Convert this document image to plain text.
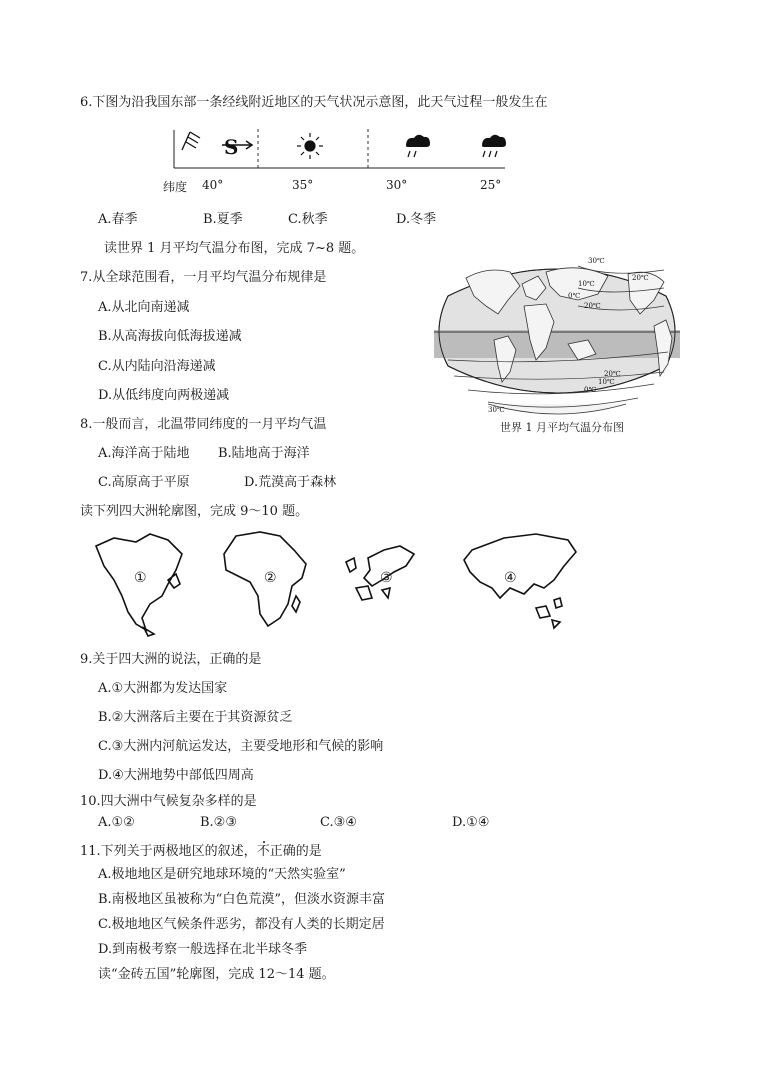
6.下图为沿我国东部一条经线附近地区的天气状况示意图，此天气过程一般发生在
S
纬度 40°	35°	30°	25°
A.春季	B.夏季	C.秋季	D.冬季
读世界 1 月平均气温分布图，完成 7~8 题。
30℃
20℃
10℃
0℃
20℃
0℃
10℃
20℃
30℃
世界 1 月平均气温分布图
7.从全球范围看，一月平均气温分布规律是
A.从北向南递减
B.从高海拔向低海拔递减
C.从内陆向沿海递减
D.从低纬度向两极递减
8.一般而言，北温带同纬度的一月平均气温
A.海洋高于陆地 B.陆地高于海洋
C.高原高于平原	D.荒漠高于森林
读下列四大洲轮廓图，完成 9～10 题。
①	②	③	④
9.关于四大洲的说法，正确的是
A.①大洲都为发达国家
B.②大洲落后主要在于其资源贫乏
C.③大洲内河航运发达，主要受地形和气候的影响
D.④大洲地势中部低四周高
10.四大洲中气候复杂多样的是
A.①②	B.②③	C.③④	D.①④
11.下列关于两极地区的叙述，不正确的是
A.极地地区是研究地球环境的“天然实验室”
B.南极地区虽被称为“白色荒漠”，但淡水资源丰富
C.极地地区气候条件恶劣，都没有人类的长期定居
D.到南极考察一般选择在北半球冬季
读“金砖五国”轮廓图，完成 12～14 题。
